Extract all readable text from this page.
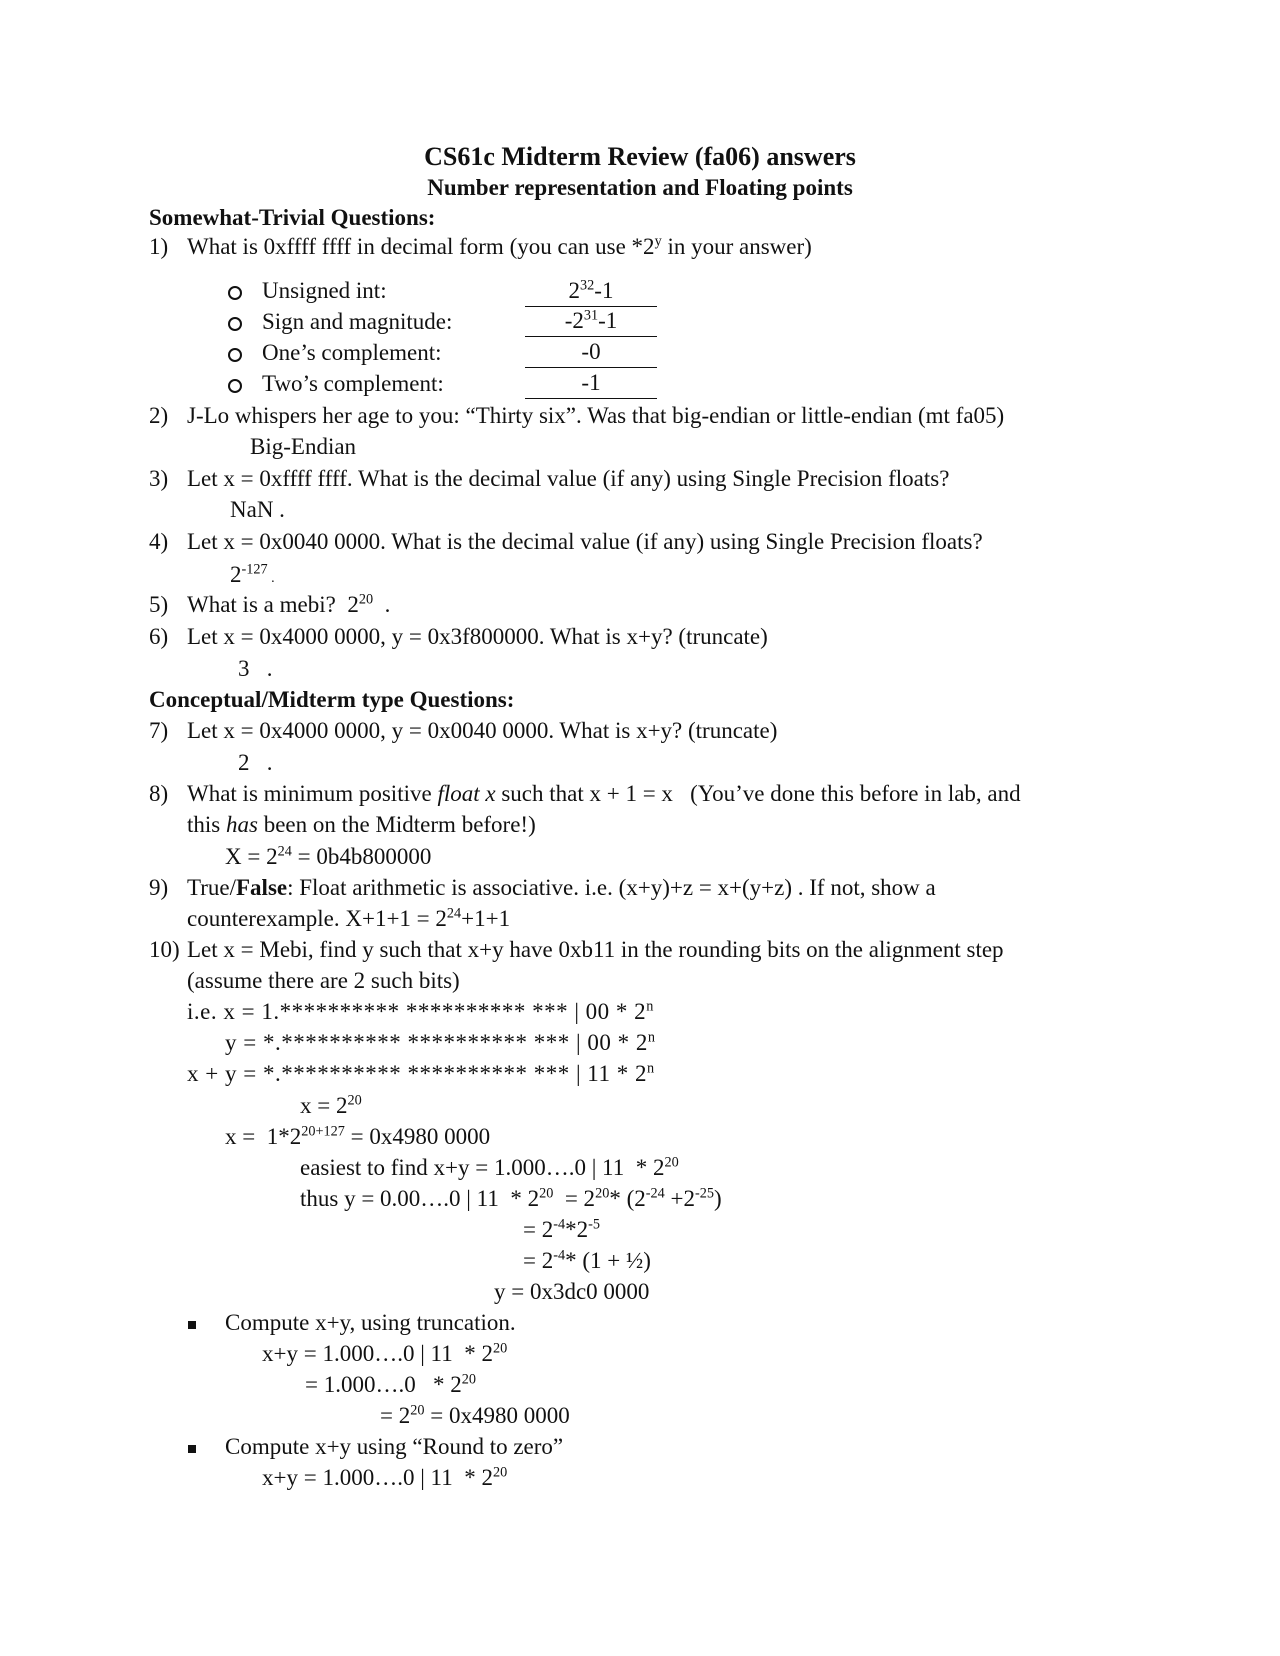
CS61c Midterm Review (fa06) answers
Number representation and Floating points
Somewhat-Trivial Questions:
1) What is 0xffff ffff in decimal form (you can use *2$^y$ in your answer)
Unsigned int:	$2^{32}-1$
Sign and magnitude:	$-2^{31}-1$
One’s complement:	-0
Two’s complement:	-1
2) J-Lo whispers her age to you: “Thirty six”. Was that big-endian or little-endian (mt fa05)
Big-Endian
3) Let x = 0xffff ffff. What is the decimal value (if any) using Single Precision floats?
NaN .
4) Let x = 0x0040 0000. What is the decimal value (if any) using Single Precision floats?
$2^{-127}$ .
5) What is a mebi?  $2^{20}$  .
6) Let x = 0x4000 0000, y = 0x3f800000. What is x+y? (truncate)
3   .
Conceptual/Midterm type Questions:
7) Let x = 0x4000 0000, y = 0x0040 0000. What is x+y? (truncate)
2   .
8) What is minimum positive float x such that x + 1 = x   (You’ve done this before in lab, and
this has been on the Midterm before!)
$X = 2^{24} = 0b4b800000$
9) True/False: Float arithmetic is associative. i.e. (x+y)+z = x+(y+z) . If not, show a
counterexample. $X+1+1 = 2^{24}+1+1$
10) Let x = Mebi, find y such that x+y have 0xb11 in the rounding bits on the alignment step
(assume there are 2 such bits)
i.e. x = 1.********** ********** *** | 00 * 2$^n$
y = *.********** ********** *** | 00 * 2$^n$
x + y = *.********** ********** *** | 11 * 2$^n$
$x = 2^{20}$
$x = 1*2^{20+127} = 0x4980$ 0000
easiest to find x+y = 1.000….0 | $11 * 2^{20}$
thus y = 0.00….0 | $11 * 2^{20} = 2^{20}*$ $(2^{-24} +2^{-25})$
= $2^{-4}*2^{-5}$
= $2^{-4}*$ (1 + ½)
y = 0x3dc0 0000
Compute x+y, using truncation.
x+y = 1.000….0 | $11 * 2^{20}$
= 1.000….0   * $2^{20}$
= $2^{20} = 0x4980$ 0000
Compute x+y using “Round to zero”
x+y = 1.000….0 | $11 * 2^{20}$
